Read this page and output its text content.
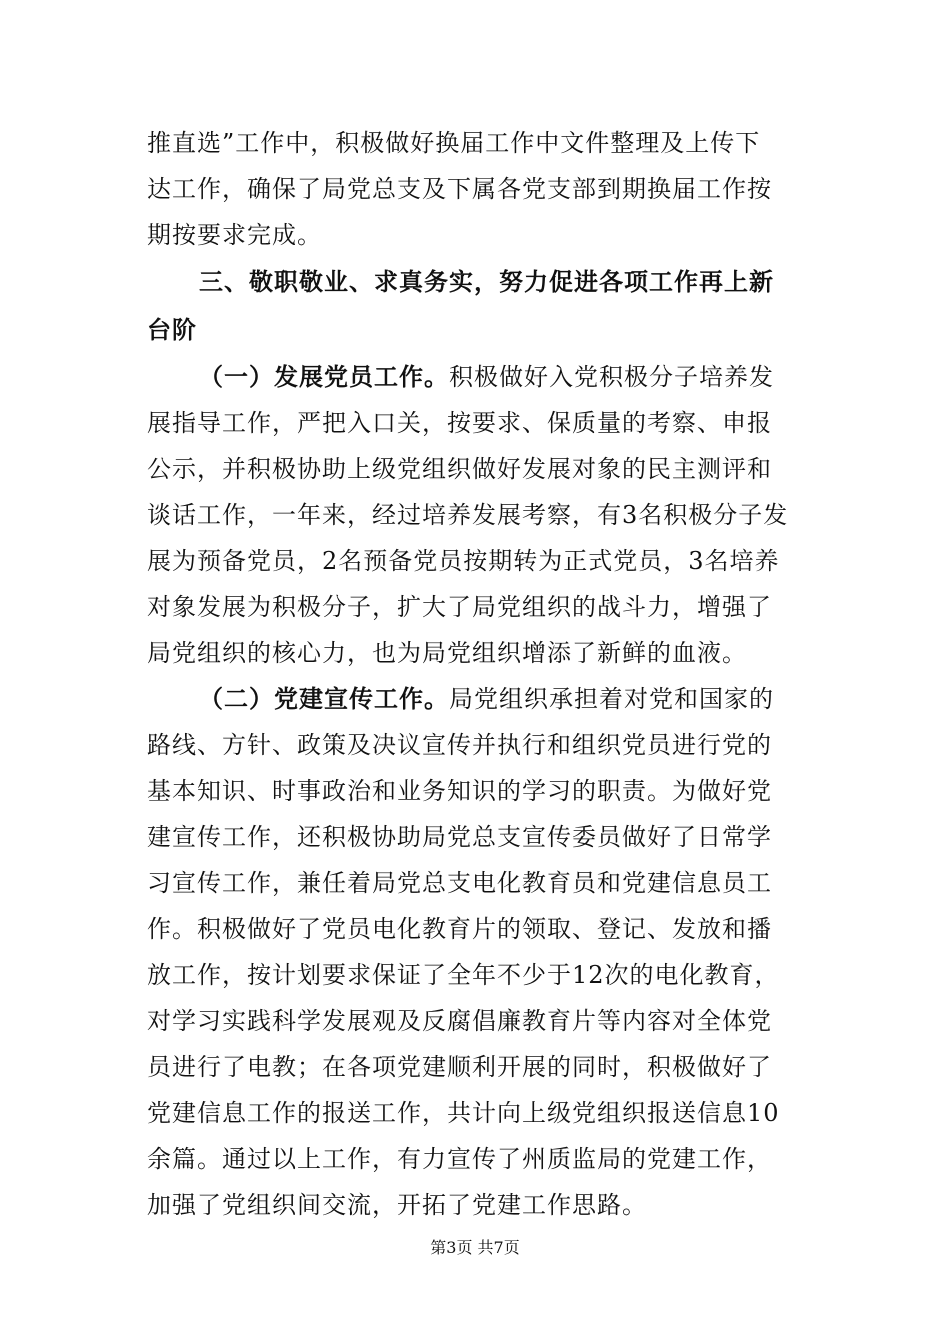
推直选”工作中，积极做好换届工作中文件整理及上传下
达工作，确保了局党总支及下属各党支部到期换届工作按
期按要求完成。
三、敬职敬业、求真务实，努力促进各项工作再上新
台阶
（一）发展党员工作。积极做好入党积极分子培养发
展指导工作，严把入口关，按要求、保质量的考察、申报
公示，并积极协助上级党组织做好发展对象的民主测评和
谈话工作，一年来，经过培养发展考察，有3名积极分子发
展为预备党员，2名预备党员按期转为正式党员，3名培养
对象发展为积极分子，扩大了局党组织的战斗力，增强了
局党组织的核心力，也为局党组织增添了新鲜的血液。
（二）党建宣传工作。局党组织承担着对党和国家的
路线、方针、政策及决议宣传并执行和组织党员进行党的
基本知识、时事政治和业务知识的学习的职责。为做好党
建宣传工作，还积极协助局党总支宣传委员做好了日常学
习宣传工作，兼任着局党总支电化教育员和党建信息员工
作。积极做好了党员电化教育片的领取、登记、发放和播
放工作，按计划要求保证了全年不少于12次的电化教育，
对学习实践科学发展观及反腐倡廉教育片等内容对全体党
员进行了电教；在各项党建顺利开展的同时，积极做好了
党建信息工作的报送工作，共计向上级党组织报送信息10
余篇。通过以上工作，有力宣传了州质监局的党建工作，
加强了党组织间交流，开拓了党建工作思路。
第3页 共7页
